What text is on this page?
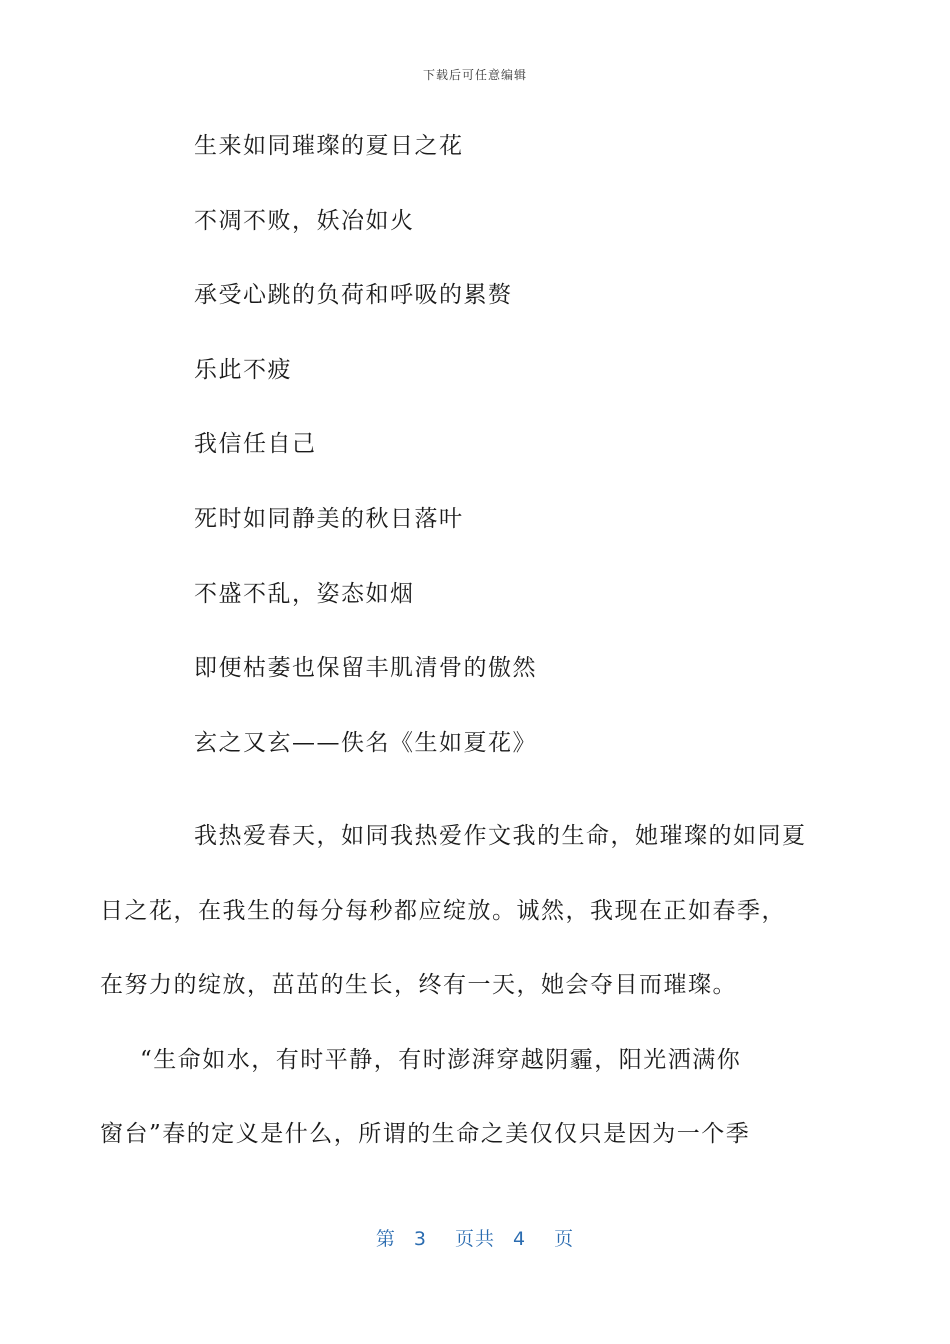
下载后可任意编辑
生来如同璀璨的夏日之花
不凋不败，妖冶如火
承受心跳的负荷和呼吸的累赘
乐此不疲
我信任自己
死时如同静美的秋日落叶
不盛不乱，姿态如烟
即便枯萎也保留丰肌清骨的傲然
玄之又玄——佚名《生如夏花》

我热爱春天，如同我热爱作文我的生命，她璀璨的如同夏
日之花，在我生的每分每秒都应绽放。诚然，我现在正如春季，
在努力的绽放，茁茁的生长，终有一天，她会夺目而璀璨。

“生命如水，有时平静，有时澎湃穿越阴霾，阳光洒满你
窗台”春的定义是什么，所谓的生命之美仅仅只是因为一个季

第 3 页共 4 页
